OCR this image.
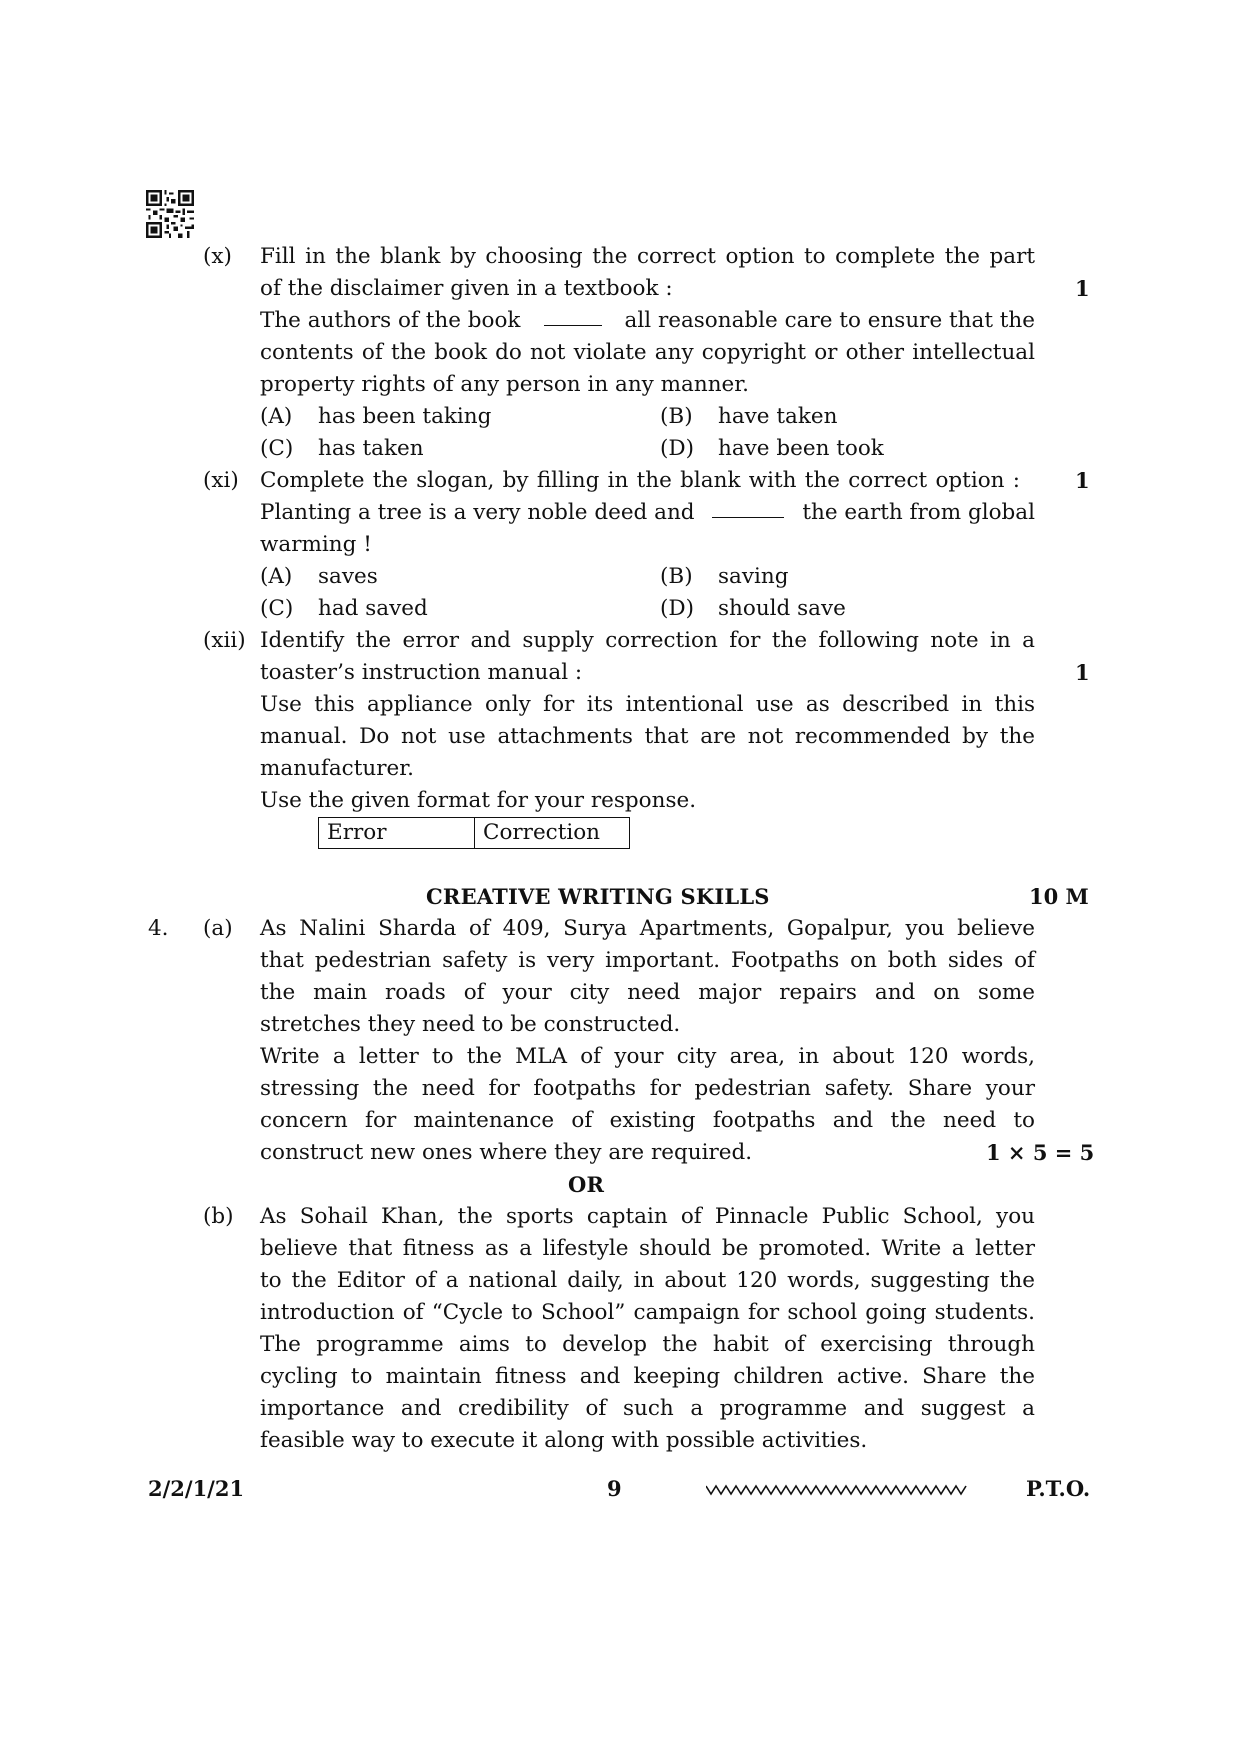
(x) Fill in the blank by choosing the correct option to complete the part
of the disclaimer given in a textbook :	1
The authors of the book	all reasonable care to ensure that the
contents of the book do not violate any copyright or other intellectual
property rights of any person in any manner.
(A) has been taking	(B) have taken
(C) has taken	(D) have been took
(xi) Complete the slogan, by filling in the blank with the correct option :	1
Planting a tree is a very noble deed and	the earth from global
warming !
(A) saves	(B) saving
(C) had saved	(D) should save
(xii) Identify the error and supply correction for the following note in a
toaster’s instruction manual :	1
Use this appliance only for its intentional use as described in this
manual. Do not use attachments that are not recommended by the
manufacturer.
Use the given format for your response.
Error	Correction
CREATIVE WRITING SKILLS	10 M
4. (a) As Nalini Sharda of 409, Surya Apartments, Gopalpur, you believe
that pedestrian safety is very important. Footpaths on both sides of
the main roads of your city need major repairs and on some
stretches they need to be constructed.
Write a letter to the MLA of your city area, in about 120 words,
stressing the need for footpaths for pedestrian safety. Share your
concern for maintenance of existing footpaths and the need to
construct new ones where they are required.	1 × 5 = 5
OR
(b) As Sohail Khan, the sports captain of Pinnacle Public School, you
believe that fitness as a lifestyle should be promoted. Write a letter
to the Editor of a national daily, in about 120 words, suggesting the
introduction of “Cycle to School” campaign for school going students.
The programme aims to develop the habit of exercising through
cycling to maintain fitness and keeping children active. Share the
importance and credibility of such a programme and suggest a
feasible way to execute it along with possible activities.
2/2/1/21	9	P.T.O.
